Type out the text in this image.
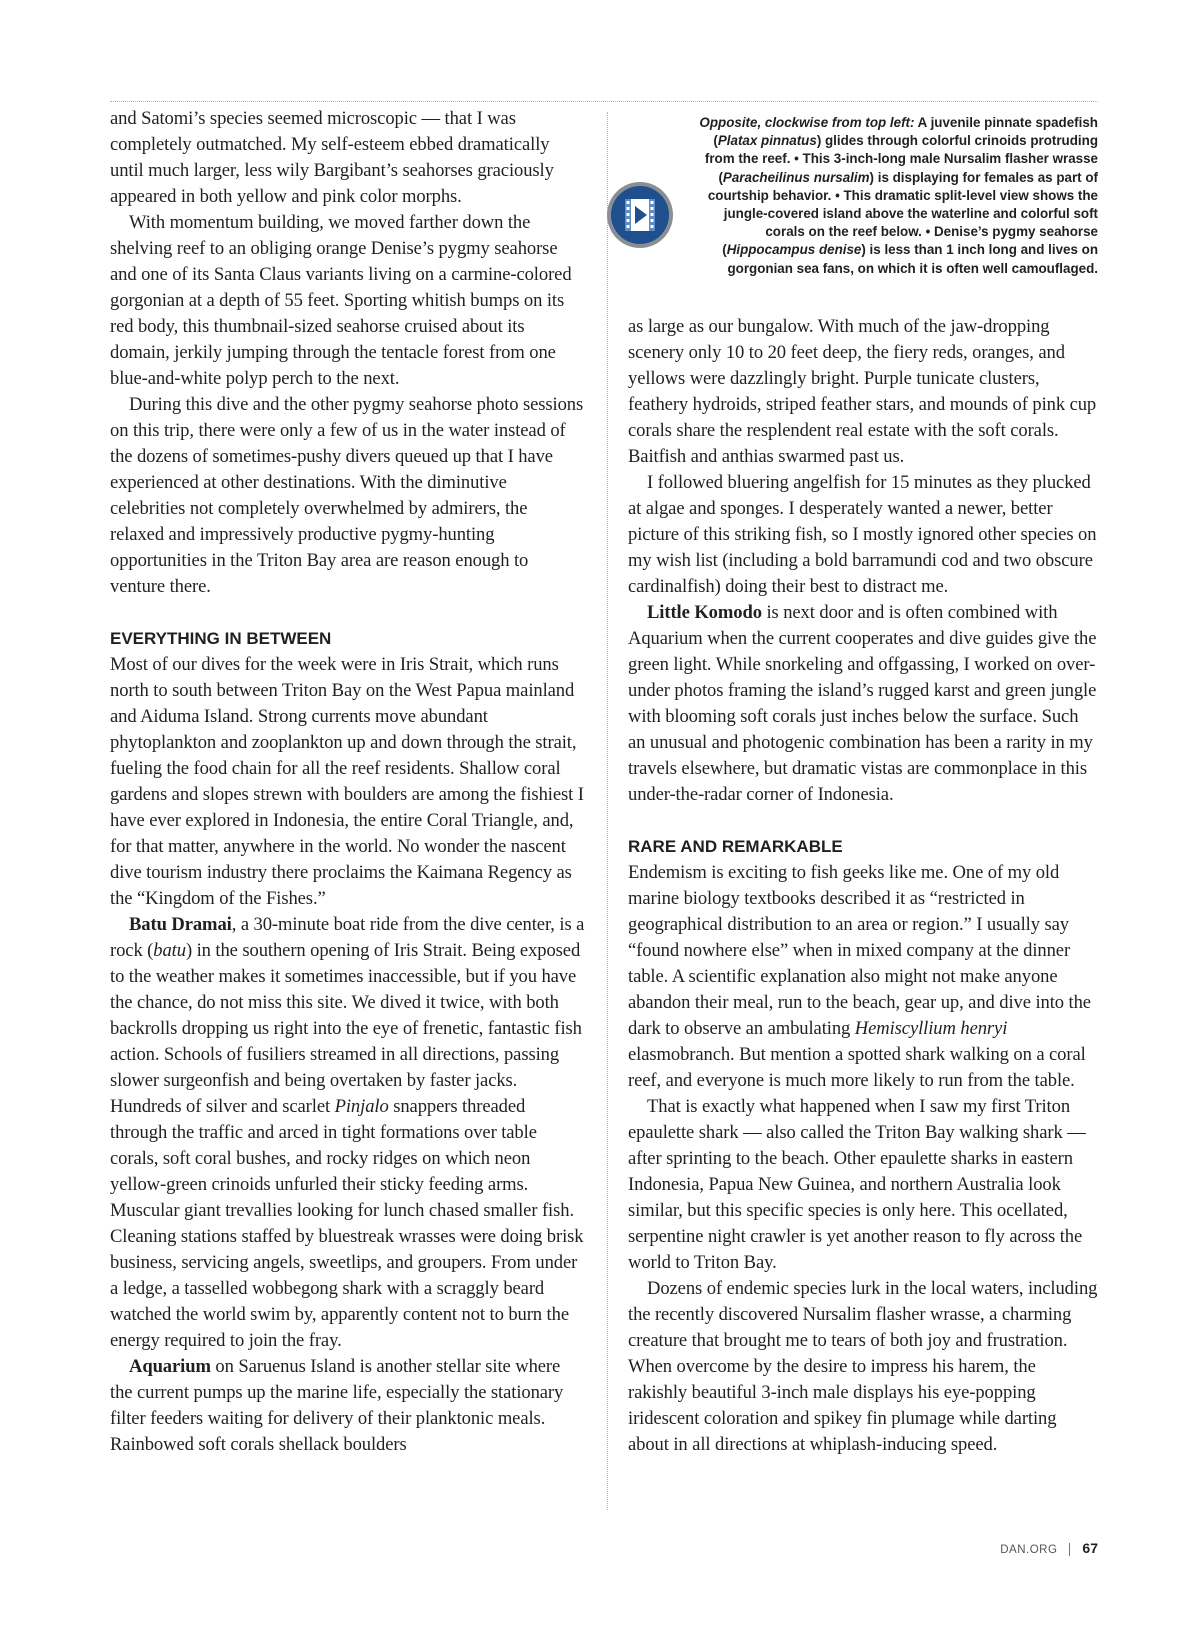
Opposite, clockwise from top left: A juvenile pinnate spadefish (Platax pinnatus) glides through colorful crinoids protruding from the reef. • This 3-inch-long male Nursalim flasher wrasse (Paracheilinus nursalim) is displaying for females as part of courtship behavior. • This dramatic split-level view shows the jungle-covered island above the waterline and colorful soft corals on the reef below. • Denise’s pygmy seahorse (Hippocampus denise) is less than 1 inch long and lives on gorgonian sea fans, on which it is often well camouflaged.

and Satomi’s species seemed microscopic — that I was completely outmatched. My self-esteem ebbed dramatically until much larger, less wily Bargibant’s seahorses graciously appeared in both yellow and pink color morphs.

With momentum building, we moved farther down the shelving reef to an obliging orange Denise’s pygmy seahorse and one of its Santa Claus variants living on a carmine-colored gorgonian at a depth of 55 feet. Sporting whitish bumps on its red body, this thumbnail-sized seahorse cruised about its domain, jerkily jumping through the tentacle forest from one blue-and-white polyp perch to the next.

During this dive and the other pygmy seahorse photo sessions on this trip, there were only a few of us in the water instead of the dozens of sometimes-pushy divers queued up that I have experienced at other destinations. With the diminutive celebrities not completely overwhelmed by admirers, the relaxed and impressively productive pygmy-hunting opportunities in the Triton Bay area are reason enough to venture there.

EVERYTHING IN BETWEEN

Most of our dives for the week were in Iris Strait, which runs north to south between Triton Bay on the West Papua mainland and Aiduma Island. Strong currents move abundant phytoplankton and zooplankton up and down through the strait, fueling the food chain for all the reef residents. Shallow coral gardens and slopes strewn with boulders are among the fishiest I have ever explored in Indonesia, the entire Coral Triangle, and, for that matter, anywhere in the world. No wonder the nascent dive tourism industry there proclaims the Kaimana Regency as the “Kingdom of the Fishes.”

Batu Dramai, a 30-minute boat ride from the dive center, is a rock (batu) in the southern opening of Iris Strait. Being exposed to the weather makes it sometimes inaccessible, but if you have the chance, do not miss this site. We dived it twice, with both backrolls dropping us right into the eye of frenetic, fantastic fish action. Schools of fusiliers streamed in all directions, passing slower surgeonfish and being overtaken by faster jacks. Hundreds of silver and scarlet Pinjalo snappers threaded through the traffic and arced in tight formations over table corals, soft coral bushes, and rocky ridges on which neon yellow-green crinoids unfurled their sticky feeding arms. Muscular giant trevallies looking for lunch chased smaller fish. Cleaning stations staffed by bluestreak wrasses were doing brisk business, servicing angels, sweetlips, and groupers. From under a ledge, a tasselled wobbegong shark with a scraggly beard watched the world swim by, apparently content not to burn the energy required to join the fray.

Aquarium on Saruenus Island is another stellar site where the current pumps up the marine life, especially the stationary filter feeders waiting for delivery of their planktonic meals. Rainbowed soft corals shellack boulders

as large as our bungalow. With much of the jaw-dropping scenery only 10 to 20 feet deep, the fiery reds, oranges, and yellows were dazzlingly bright. Purple tunicate clusters, feathery hydroids, striped feather stars, and mounds of pink cup corals share the resplendent real estate with the soft corals. Baitfish and anthias swarmed past us.

I followed bluering angelfish for 15 minutes as they plucked at algae and sponges. I desperately wanted a newer, better picture of this striking fish, so I mostly ignored other species on my wish list (including a bold barramundi cod and two obscure cardinalfish) doing their best to distract me.

Little Komodo is next door and is often combined with Aquarium when the current cooperates and dive guides give the green light. While snorkeling and offgassing, I worked on over-under photos framing the island’s rugged karst and green jungle with blooming soft corals just inches below the surface. Such an unusual and photogenic combination has been a rarity in my travels elsewhere, but dramatic vistas are commonplace in this under-the-radar corner of Indonesia.

RARE AND REMARKABLE

Endemism is exciting to fish geeks like me. One of my old marine biology textbooks described it as “restricted in geographical distribution to an area or region.” I usually say “found nowhere else” when in mixed company at the dinner table. A scientific explanation also might not make anyone abandon their meal, run to the beach, gear up, and dive into the dark to observe an ambulating Hemiscyllium henryi elasmobranch. But mention a spotted shark walking on a coral reef, and everyone is much more likely to run from the table.

That is exactly what happened when I saw my first Triton epaulette shark — also called the Triton Bay walking shark — after sprinting to the beach. Other epaulette sharks in eastern Indonesia, Papua New Guinea, and northern Australia look similar, but this specific species is only here. This ocellated, serpentine night crawler is yet another reason to fly across the world to Triton Bay.

Dozens of endemic species lurk in the local waters, including the recently discovered Nursalim flasher wrasse, a charming creature that brought me to tears of both joy and frustration. When overcome by the desire to impress his harem, the rakishly beautiful 3-inch male displays his eye-popping iridescent coloration and spikey fin plumage while darting about in all directions at whiplash-inducing speed.

DAN.ORG 67
